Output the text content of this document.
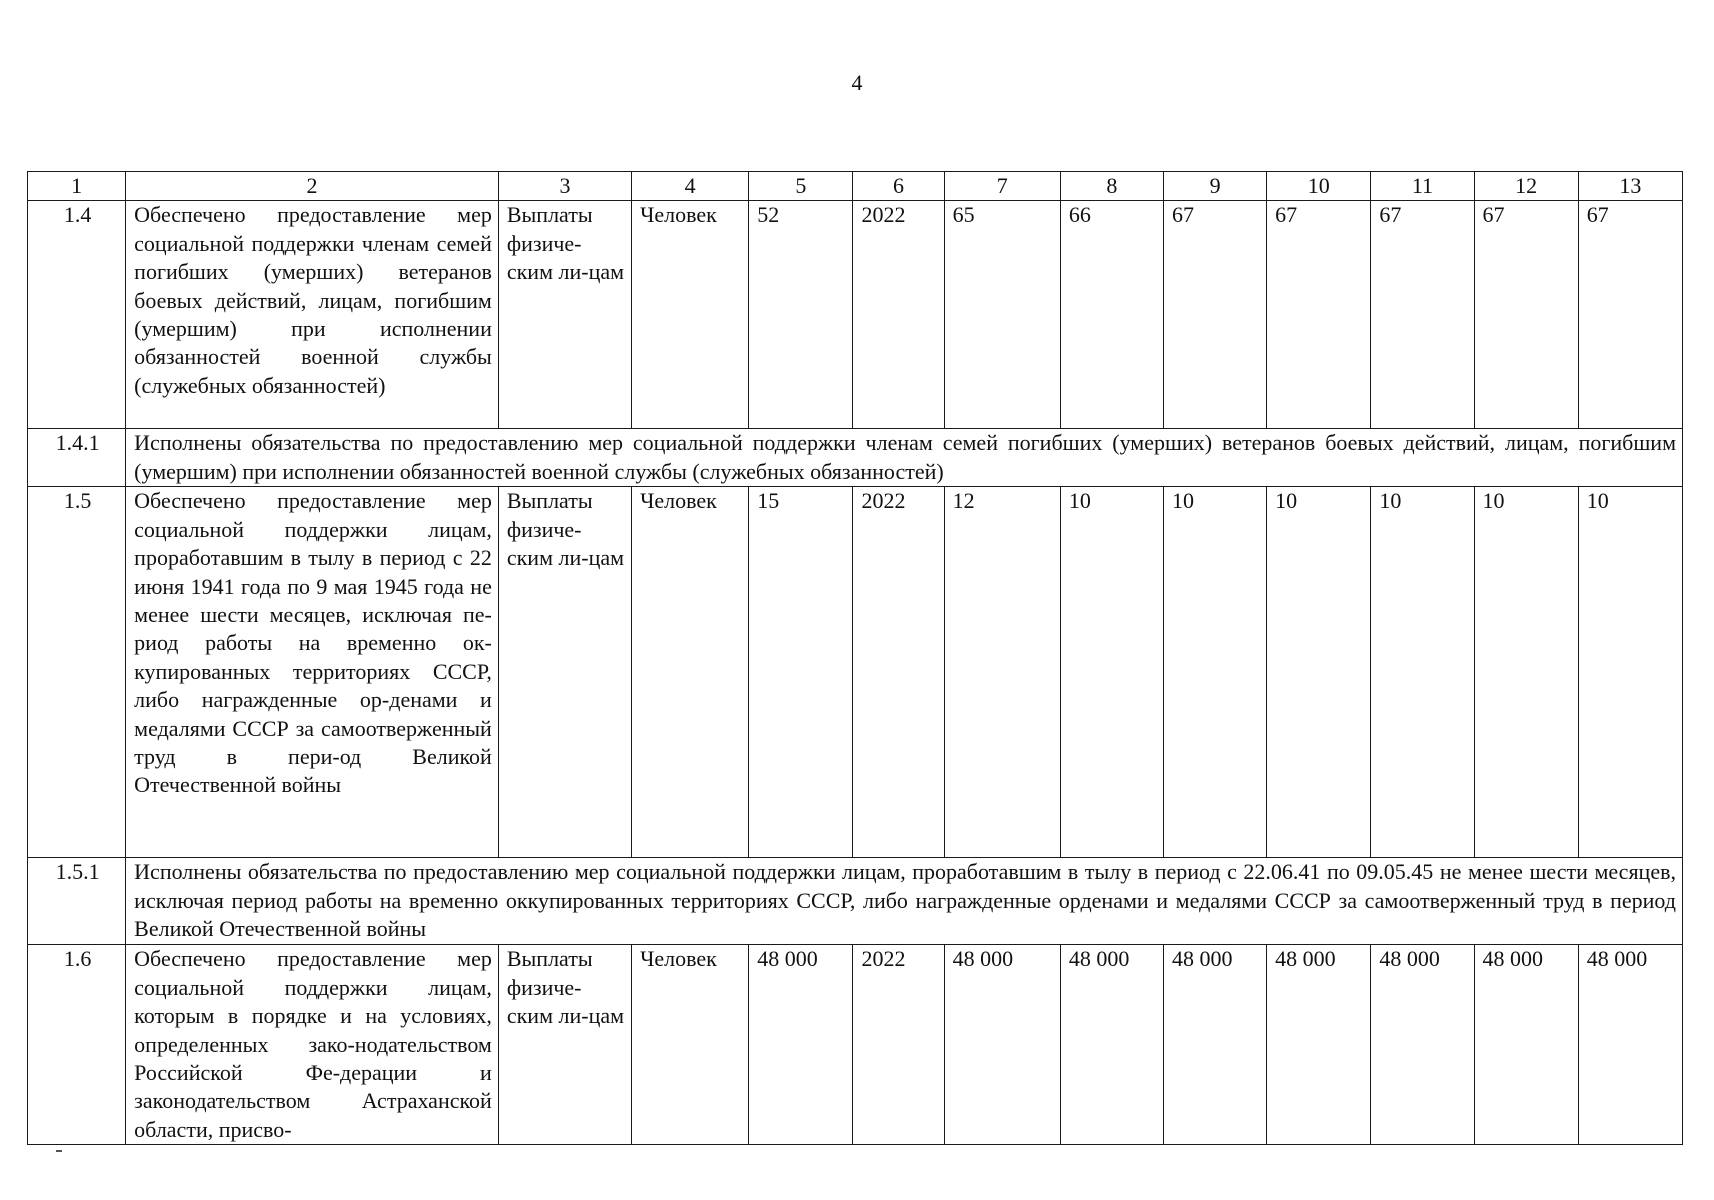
4
1	2	3	4	5	6	7	8	9	10	11	12	13
1.4	Обеспечено предоставление мер социальной поддержки членам семей погибших (умерших) ветеранов боевых действий, лицам, погибшим (умершим) при исполнении обязанностей военной службы (служебных обязанностей)	Выплаты физиче-ским ли-цам	Человек	52	2022	65	66	67	67	67	67	67
1.4.1	Исполнены обязательства по предоставлению мер социальной поддержки членам семей погибших (умерших) ветеранов боевых действий, лицам, погибшим (умершим) при исполнении обязанностей военной службы (служебных обязанностей)											
1.5	Обеспечено предоставление мер социальной поддержки лицам, проработавшим в тылу в период с 22 июня 1941 года по 9 мая 1945 года не менее шести месяцев, исключая пе-риод работы на временно ок-купированных территориях СССР, либо награжденные ор-денами и медалями СССР за самоотверженный труд в пери-од Великой Отечественной войны	Выплаты физиче-ским ли-цам	Человек	15	2022	12	10	10	10	10	10	10
1.5.1	Исполнены обязательства по предоставлению мер социальной поддержки лицам, проработавшим в тылу в период с 22.06.41 по 09.05.45 не менее шести месяцев, исключая период работы на временно оккупированных территориях СССР, либо награжденные орденами и медалями СССР за самоотверженный труд в период Великой Отечественной войны											
1.6	Обеспечено предоставление мер социальной поддержки лицам, которым в порядке и на условиях, определенных зако-нодательством Российской Фе-дерации и законодательством Астраханской области, присво-	Выплаты физиче-ским ли-цам	Человек	48 000	2022	48 000	48 000	48 000	48 000	48 000	48 000	48 000
